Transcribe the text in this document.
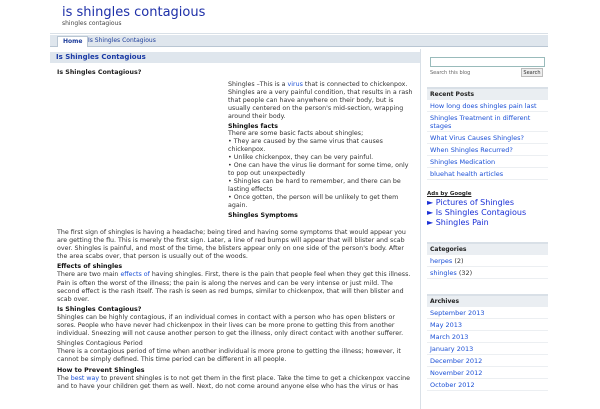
is shingles contagious
shingles contagious
Home Is Shingles Contagious
Is Shingles Contagious
Is Shingles Contagious?

Shingles –This is a virus that is connected to chickenpox. Shingles are a very painful condition, that results in a rash that people can have anywhere on their body, but is usually centered on the person's mid-section, wrapping around their body.

Shingles facts
There are some basic facts about shingles;
• They are caused by the same virus that causes chickenpox.
• Unlike chickenpox, they can be very painful.
• One can have the virus lie dormant for some time, only to pop out unexpectedly
• Shingles can be hard to remember, and there can be lasting effects
• Once gotten, the person will be unlikely to get them again.

Shingles Symptoms

The first sign of shingles is having a headache; being tired and having some symptoms that would appear you are getting the flu. This is merely the first sign. Later, a line of red bumps will appear that will blister and scab over. Shingles is painful, and most of the time, the blisters appear only on one side of the person's body. After the area scabs over, that person is usually out of the woods.

Effects of shingles
There are two main effects of having shingles. First, there is the pain that people feel when they get this illness. Pain is often the worst of the illness; the pain is along the nerves and can be very intense or just mild. The second effect is the rash itself. The rash is seen as red bumps, similar to chickenpox, that will then blister and scab over.

Is Shingles Contagious?
Shingles can be highly contagious, if an individual comes in contact with a person who has open blisters or sores. People who have never had chickenpox in their lives can be more prone to getting this from another individual. Sneezing will not cause another person to get the illness, only direct contact with another sufferer.

Shingles Contagious Period
There is a contagious period of time when another individual is more prone to getting the illness; however, it cannot be simply defined. This time period can be different in all people.

How to Prevent Shingles
The best way to prevent shingles is to not get them in the first place. Take the time to get a chickenpox vaccine and to have your children get them as well. Next, do not come around anyone else who has the virus or has

Search this blog	Search
Recent Posts
How long does shingles pain last
Shingles Treatment in different stages
What Virus Causes Shingles?
When Shingles Recurred?
Shingles Medication
bluehat health articles
Ads by Google
► Pictures of Shingles
► Is Shingles Contagious
► Shingles Pain
Categories
herpes (2)
shingles (32)
Archives
September 2013
May 2013
March 2013
January 2013
December 2012
November 2012
October 2012
